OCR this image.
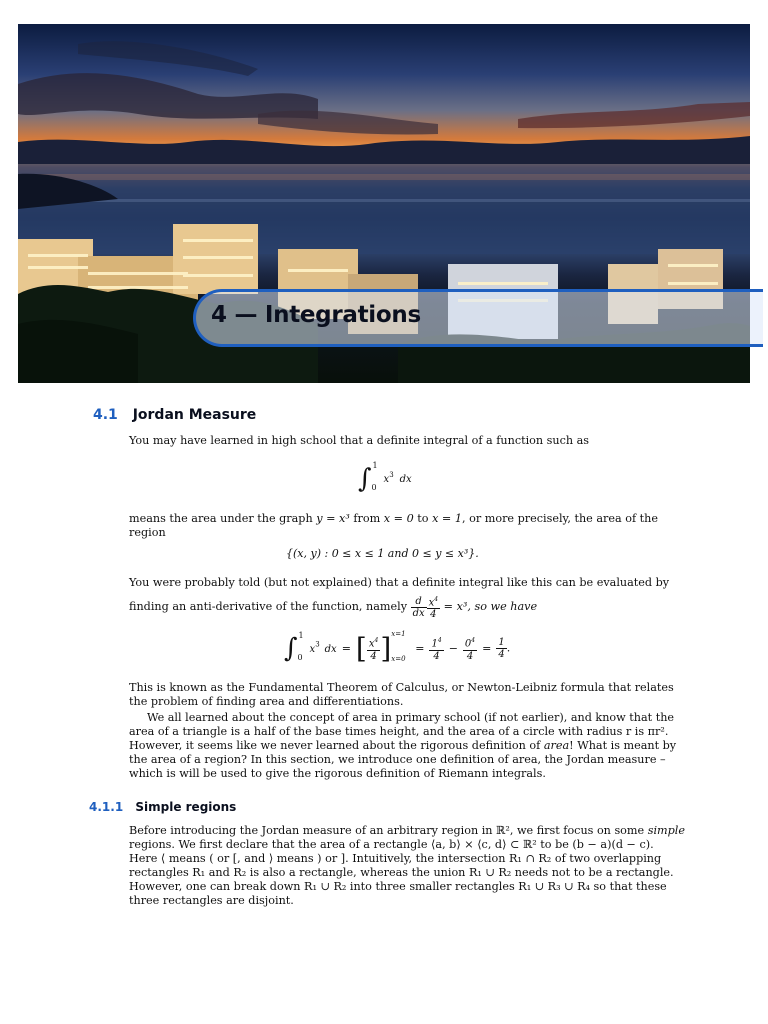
4 — Integrations
4.1 Jordan Measure

You may have learned in high school that a definite integral of a function such as

∫ 1
0
$x^3$ dx

means the area under the graph y = x³ from x = 0 to x = 1, or more precisely, the area of the
region

{(x, y) : 0 ≤ x ≤ 1 and 0 ≤ y ≤ x³}.

You were probably told (but not explained) that a definite integral like this can be evaluated by
finding an anti-derivative of the function, namely $\frac{d}{dx} \frac{x^4}{4} = x^3$, so we have

∫ 1
0
$x^3$ dx = [ $\frac{x^4}{4}$ ] x=1
x=0
= $\frac{1^4}{4} - \frac{0^4}{4} = \frac{1}{4}$ .

This is known as the Fundamental Theorem of Calculus, or Newton-Leibniz formula that relates
the problem of finding area and differentiations.

We all learned about the concept of area in primary school (if not earlier), and know that the
area of a triangle is a half of the base times height, and the area of a circle with radius r is πr².
However, it seems like we never learned about the rigorous definition of area! What is meant by
the area of a region? In this section, we introduce one definition of area, the Jordan measure –
which is will be used to give the rigorous definition of Riemann integrals.

4.1.1 Simple regions

Before introducing the Jordan measure of an arbitrary region in ℝ², we first focus on some simple
regions. We first declare that the area of a rectangle ⟨a, b⟩ × ⟨c, d⟩ ⊂ ℝ² to be (b − a)(d − c).
Here ⟨ means ( or [, and ⟩ means ) or ]. Intuitively, the intersection R₁ ∩ R₂ of two overlapping
rectangles R₁ and R₂ is also a rectangle, whereas the union R₁ ∪ R₂ needs not to be a rectangle.
However, one can break down R₁ ∪ R₂ into three smaller rectangles R₁ ∪ R₃ ∪ R₄ so that these
three rectangles are disjoint.
